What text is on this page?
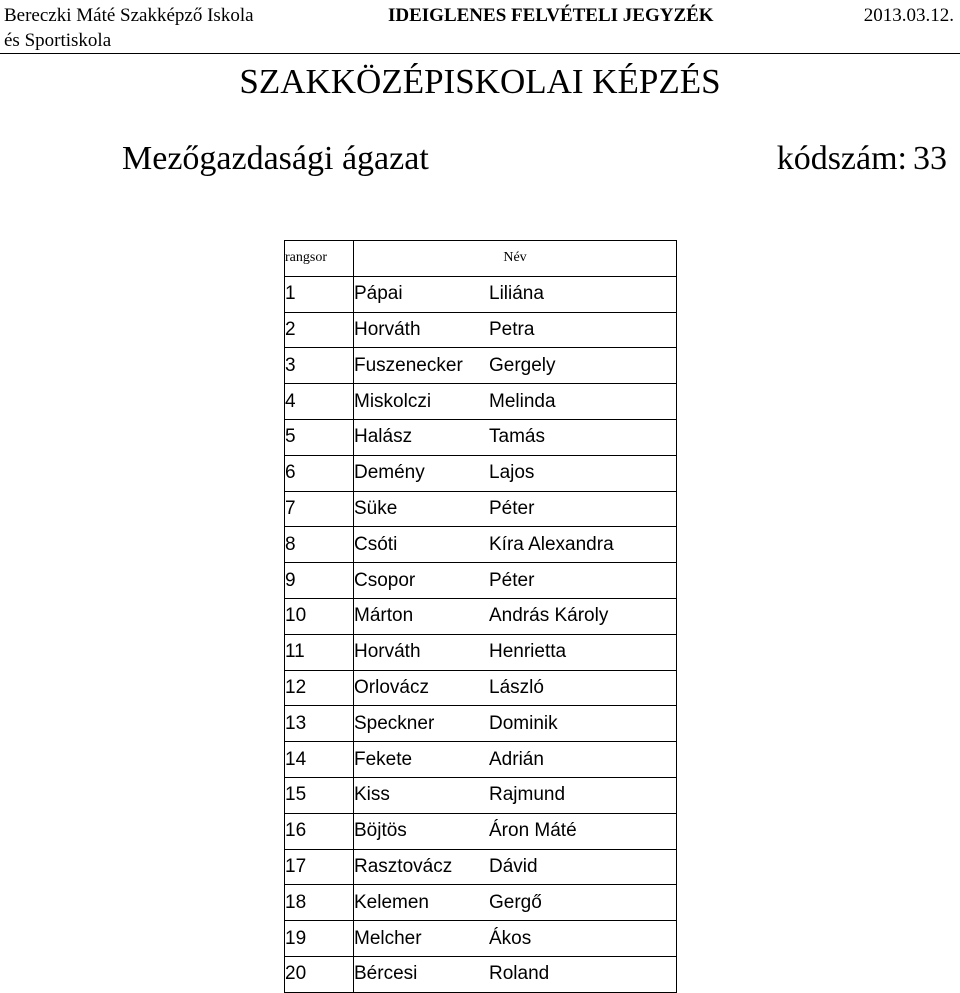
Bereczki Máté Szakképző Iskola
és Sportiskola
IDEIGLENES FELVÉTELI JEGYZÉK	2013.03.12.
SZAKKÖZÉPISKOLAI KÉPZÉS
Mezőgazdasági ágazat	kódszám: 33
rangsor	Név
1	Pápai Liliána
2	Horváth Petra
3	Fuszenecker Gergely
4	Miskolczi Melinda
5	Halász Tamás
6	Demény Lajos
7	Süke Péter
8	Csóti Kíra Alexandra
9	Csopor Péter
10	Márton András Károly
11	Horváth Henrietta
12	Orlovácz László
13	Speckner Dominik
14	Fekete Adrián
15	Kiss Rajmund
16	Böjtös Áron Máté
17	Rasztovácz Dávid
18	Kelemen Gergő
19	Melcher Ákos
20	Bércesi Roland
